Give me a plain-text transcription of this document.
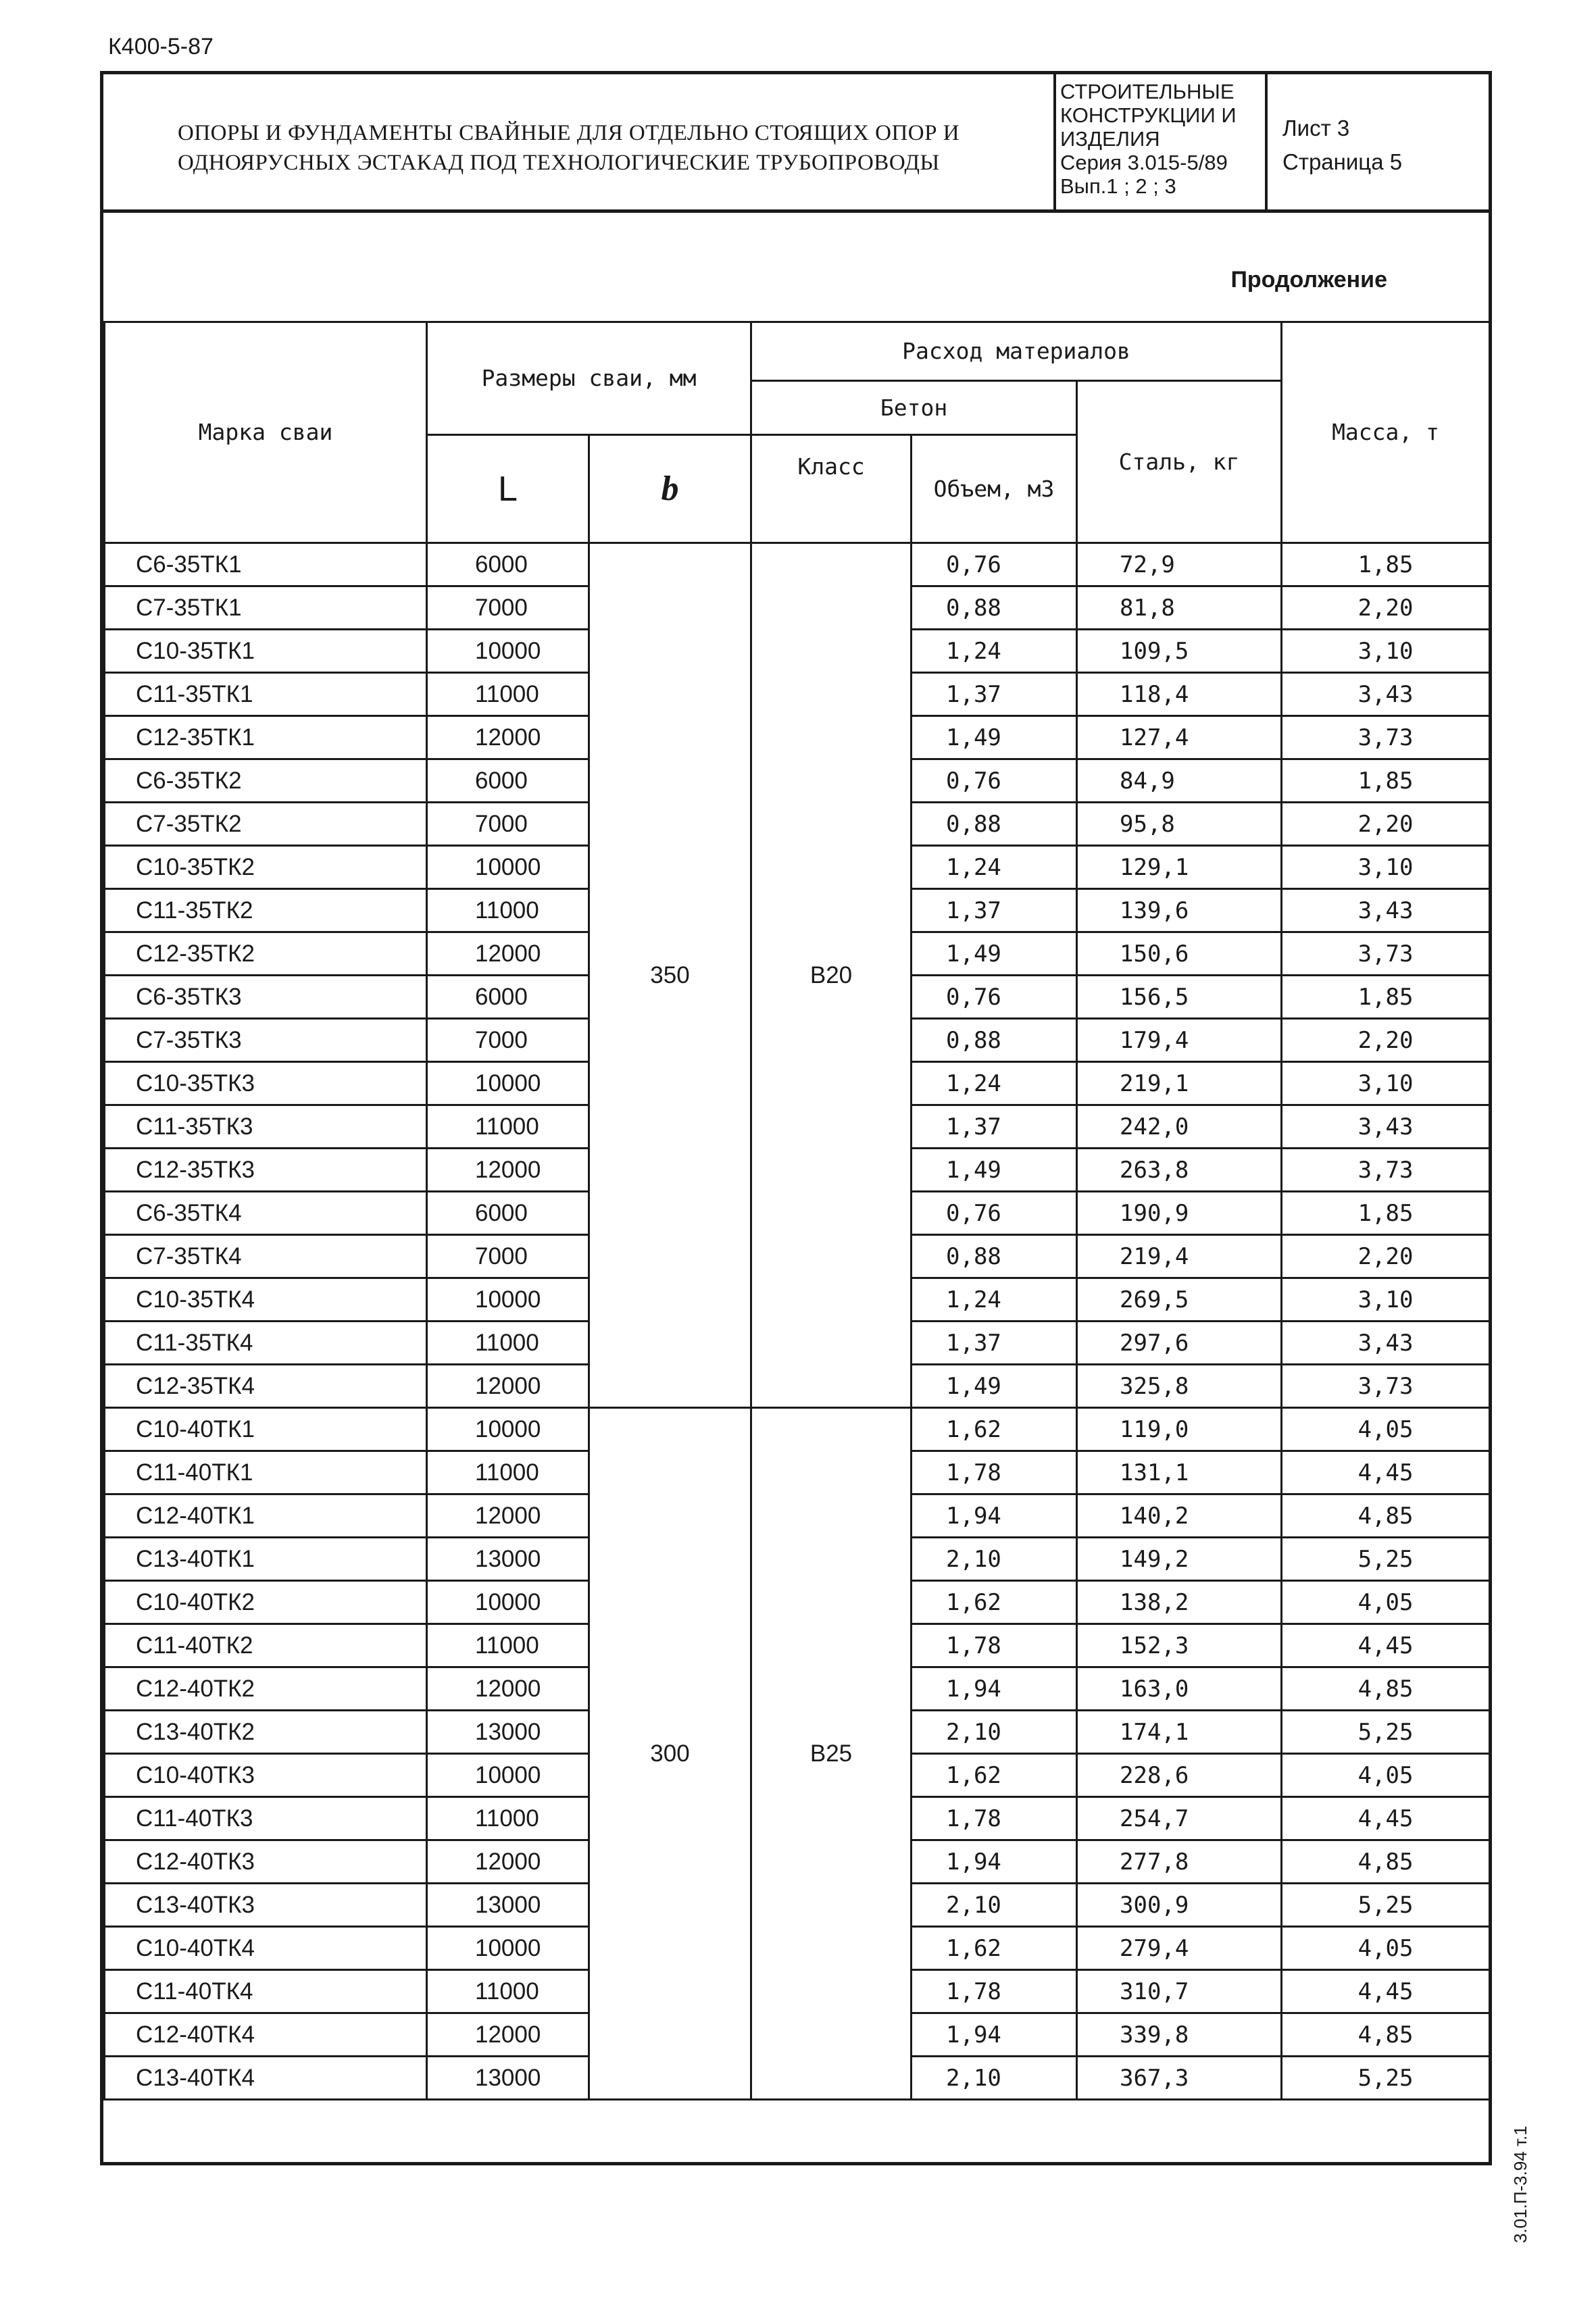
К400-5-87
ОПОРЫ И ФУНДАМЕНТЫ СВАЙНЫЕ ДЛЯ ОТДЕЛЬНО СТОЯЩИХ ОПОР И
ОДНОЯРУСНЫХ ЭСТАКАД ПОД ТЕХНОЛОГИЧЕСКИЕ ТРУБОПРОВОДЫ
СТРОИТЕЛЬНЫЕ
КОНСТРУКЦИИ И
ИЗДЕЛИЯ
Серия 3.015-5/89
Вып.1 ; 2 ; 3
Лист 3
Страница 5
Продолжение
Марка сваи	Размеры сваи, мм		Расход материалов			Масса, т
			Бетон		Сталь, кг	
	L	b	Класс	Объем, м3		
С6-35ТК1	6000	350	B20	0,76	72,9	1,85
С7-35ТК1	7000			0,88	81,8	2,20
С10-35ТК1	10000			1,24	109,5	3,10
С11-35ТК1	11000			1,37	118,4	3,43
С12-35ТК1	12000			1,49	127,4	3,73
С6-35ТК2	6000			0,76	84,9	1,85
С7-35ТК2	7000			0,88	95,8	2,20
С10-35ТК2	10000			1,24	129,1	3,10
С11-35ТК2	11000			1,37	139,6	3,43
С12-35ТК2	12000			1,49	150,6	3,73
С6-35ТК3	6000			0,76	156,5	1,85
С7-35ТК3	7000			0,88	179,4	2,20
С10-35ТК3	10000			1,24	219,1	3,10
С11-35ТК3	11000			1,37	242,0	3,43
С12-35ТК3	12000			1,49	263,8	3,73
С6-35ТК4	6000			0,76	190,9	1,85
С7-35ТК4	7000			0,88	219,4	2,20
С10-35ТК4	10000			1,24	269,5	3,10
С11-35ТК4	11000			1,37	297,6	3,43
С12-35ТК4	12000			1,49	325,8	3,73
С10-40ТК1	10000	300	B25	1,62	119,0	4,05
С11-40ТК1	11000			1,78	131,1	4,45
С12-40ТК1	12000			1,94	140,2	4,85
С13-40ТК1	13000			2,10	149,2	5,25
С10-40ТК2	10000			1,62	138,2	4,05
С11-40ТК2	11000			1,78	152,3	4,45
С12-40ТК2	12000			1,94	163,0	4,85
С13-40ТК2	13000			2,10	174,1	5,25
С10-40ТК3	10000			1,62	228,6	4,05
С11-40ТК3	11000			1,78	254,7	4,45
С12-40ТК3	12000			1,94	277,8	4,85
С13-40ТК3	13000			2,10	300,9	5,25
С10-40ТК4	10000			1,62	279,4	4,05
С11-40ТК4	11000			1,78	310,7	4,45
С12-40ТК4	12000			1,94	339,8	4,85
С13-40ТК4	13000			2,10	367,3	5,25
3.01.П-3.94 т.1
